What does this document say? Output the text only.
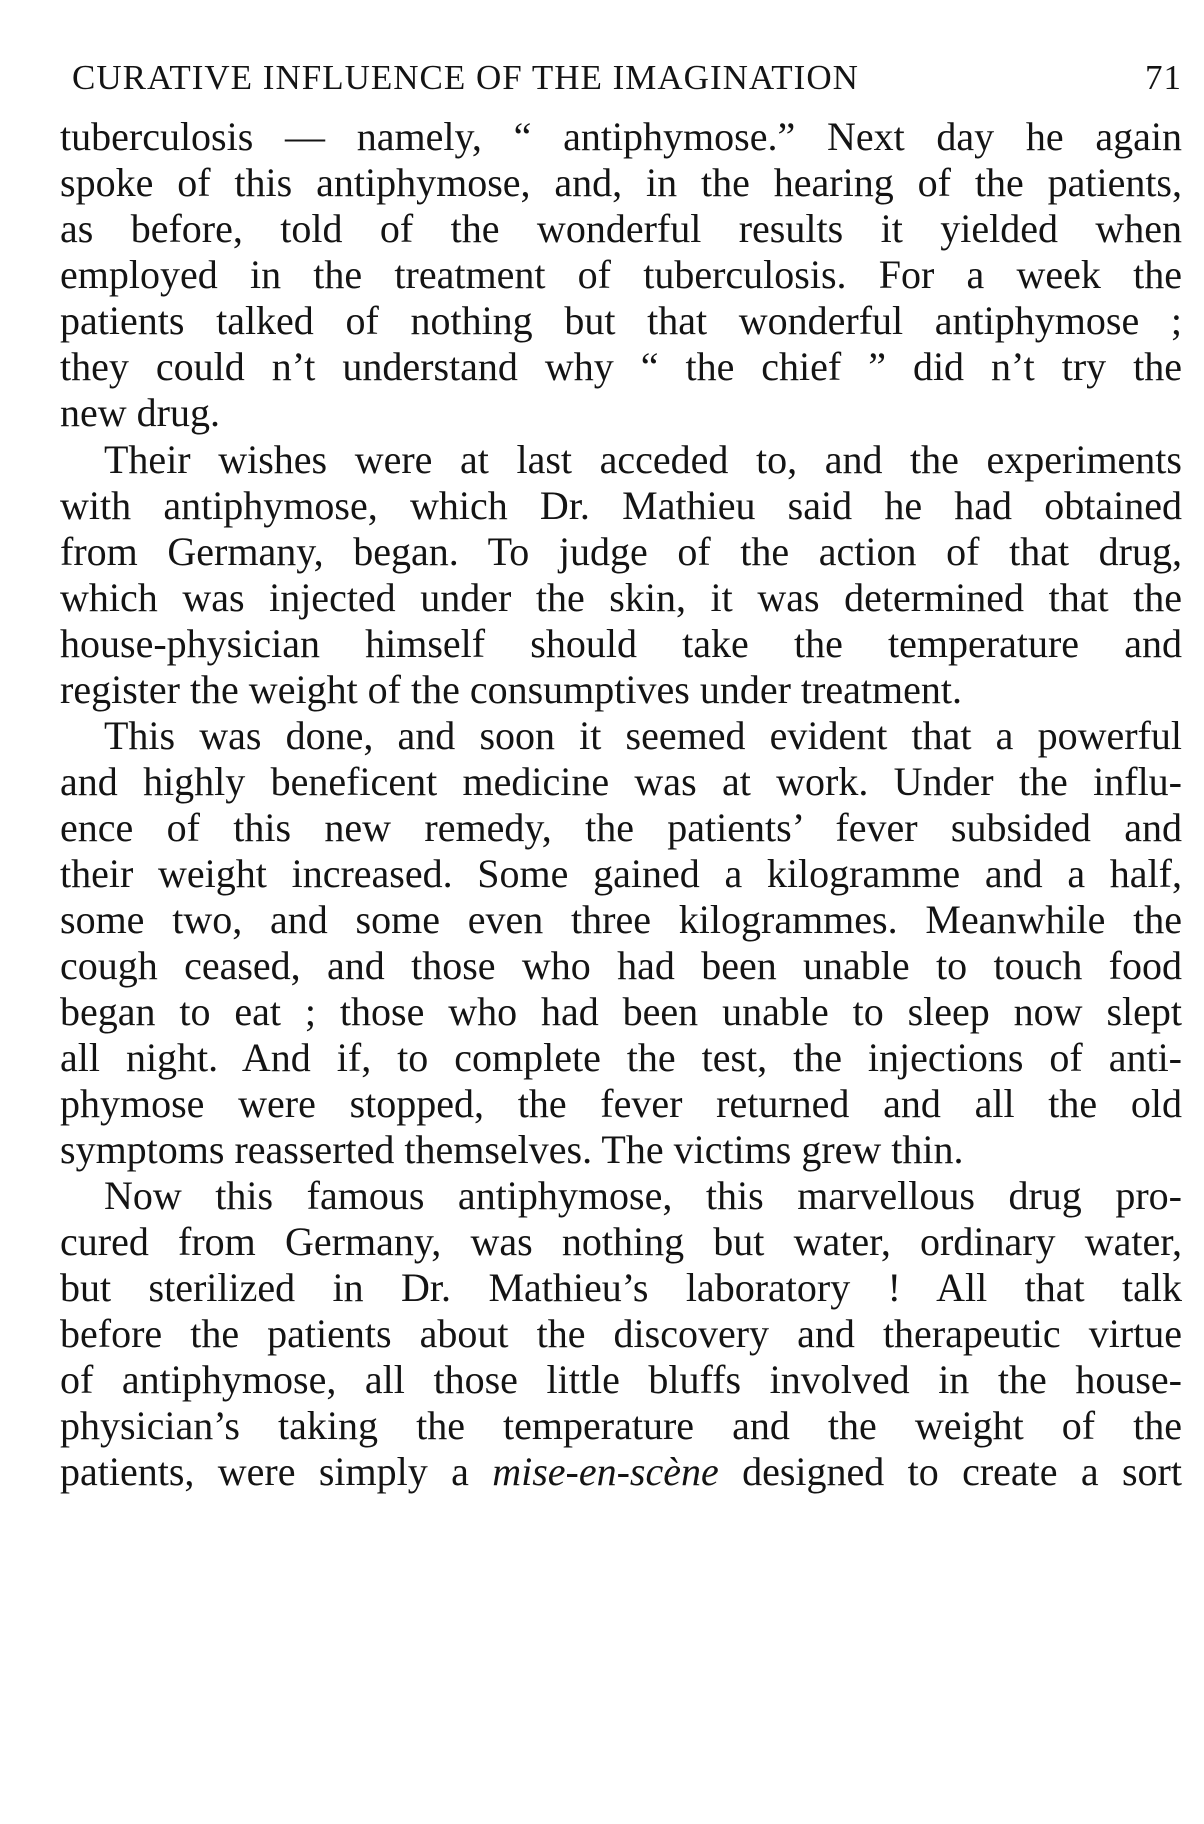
CURATIVE INFLUENCE OF THE IMAGINATION	71
tuberculosis — namely, “ antiphymose.” Next day he again
spoke of this antiphymose, and, in the hearing of the patients,
as before, told of the wonderful results it yielded when
employed in the treatment of tuberculosis. For a week the
patients talked of nothing but that wonderful antiphymose ;
they could n’t understand why “ the chief ” did n’t try the
new drug.
Their wishes were at last acceded to, and the experiments
with antiphymose, which Dr. Mathieu said he had obtained
from Germany, began. To judge of the action of that drug,
which was injected under the skin, it was determined that the
house-physician himself should take the temperature and
register the weight of the consumptives under treatment.
This was done, and soon it seemed evident that a powerful
and highly beneficent medicine was at work. Under the influ-
ence of this new remedy, the patients’ fever subsided and
their weight increased. Some gained a kilogramme and a half,
some two, and some even three kilogrammes. Meanwhile the
cough ceased, and those who had been unable to touch food
began to eat ; those who had been unable to sleep now slept
all night. And if, to complete the test, the injections of anti-
phymose were stopped, the fever returned and all the old
symptoms reasserted themselves. The victims grew thin.
Now this famous antiphymose, this marvellous drug pro-
cured from Germany, was nothing but water, ordinary water,
but sterilized in Dr. Mathieu’s laboratory ! All that talk
before the patients about the discovery and therapeutic virtue
of antiphymose, all those little bluffs involved in the house-
physician’s taking the temperature and the weight of the
patients, were simply a mise-en-scène designed to create a sort
